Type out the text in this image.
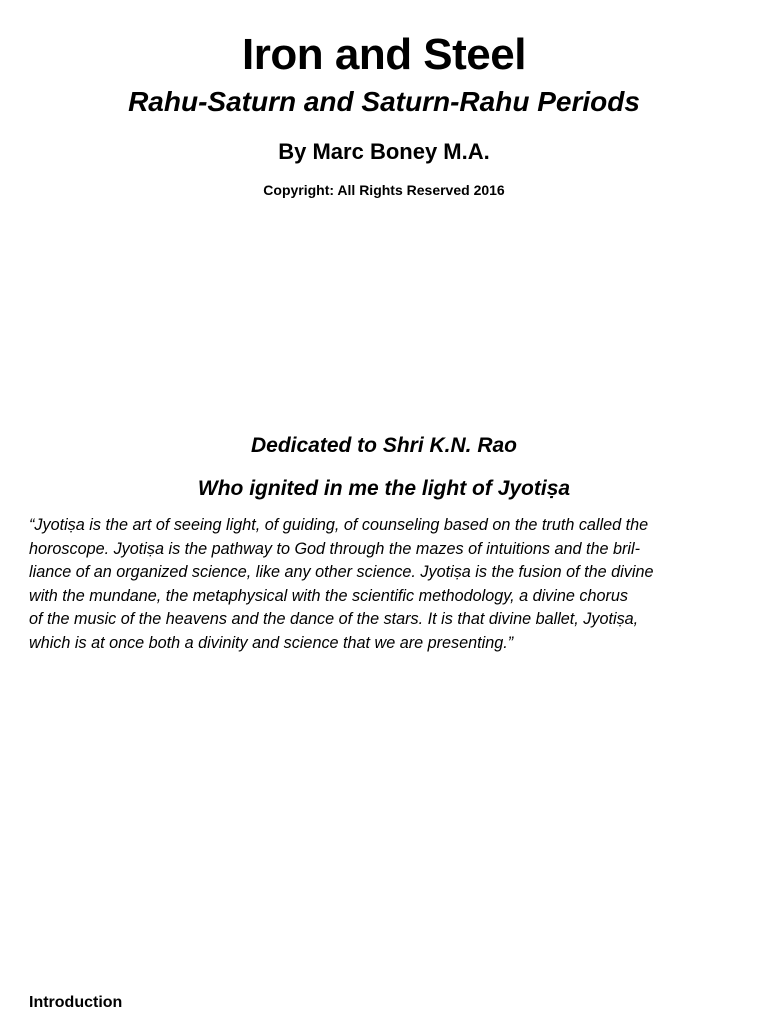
Iron and Steel
Rahu-Saturn and Saturn-Rahu Periods
By Marc Boney M.A.
Copyright: All Rights Reserved 2016
Dedicated to Shri K.N. Rao
Who ignited in me the light of Jyotiṣa
“Jyotiṣa is the art of seeing light, of guiding, of counseling based on the truth called the
horoscope. Jyotiṣa is the pathway to God through the mazes of intuitions and the bril-
liance of an organized science, like any other science. Jyotiṣa is the fusion of the divine
with the mundane, the metaphysical with the scientific methodology, a divine chorus
of the music of the heavens and the dance of the stars. It is that divine ballet, Jyotiṣa,
which is at once both a divinity and science that we are presenting.”
Introduction
